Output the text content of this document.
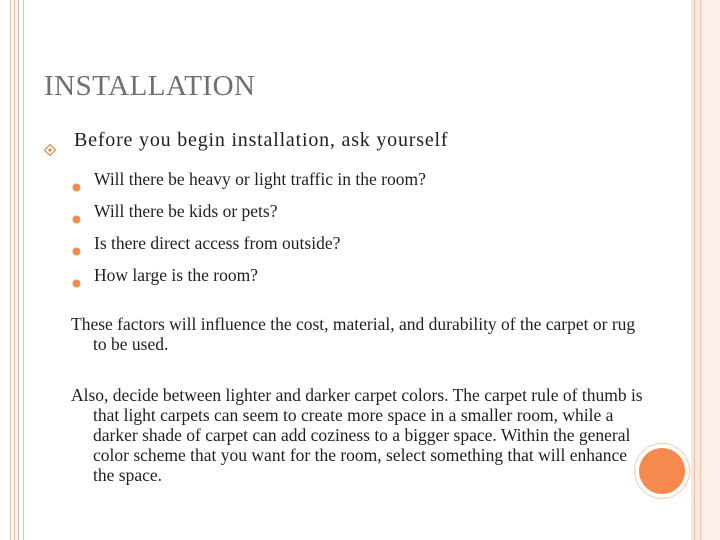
INSTALLATION
Before you begin installation, ask yourself
Will there be heavy or light traffic in the room?
Will there be kids or pets?
Is there direct access from outside?
How large is the room?

These factors will influence the cost, material, and durability of the carpet or rug to be used.

Also, decide between lighter and darker carpet colors. The carpet rule of thumb is that light carpets can seem to create more space in a smaller room, while a darker shade of carpet can add coziness to a bigger space. Within the general color scheme that you want for the room, select something that will enhance the space.
